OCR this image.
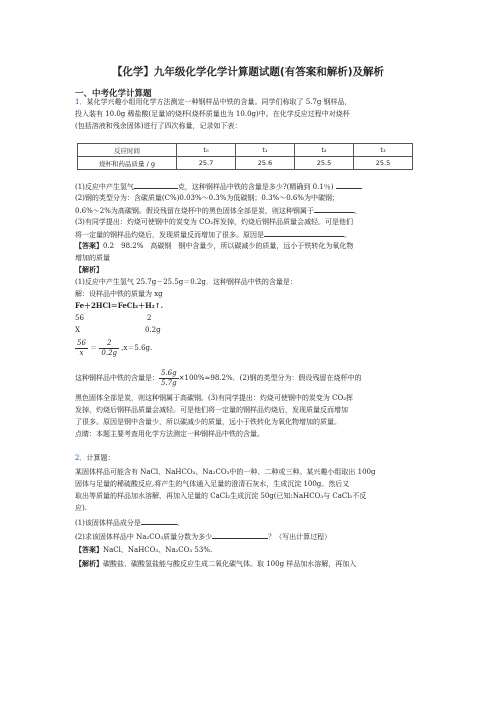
【化学】九年级化学化学计算题试题(有答案和解析)及解析
一、中考化学计算题
1．某化学兴趣小组用化学方法测定一种钢样品中铁的含量。同学们称取了 5.7g 钢样品，
投入装有 10.0g 稀盐酸(足量)的烧杯(烧杯质量也为 10.0g)中。在化学反应过程中对烧杯
(包括溶液和残余固体)进行了四次称量，记录如下表：
反应时间	t₀	t₁	t₂	t₃
烧杯和药品质量 / g	25.7	25.6	25.5	25.5
(1)反应中产生氢气	克，这种钢样品中铁的含量是多少?(精确到 0.1％)
(2)钢的类型分为：含碳质量(C%)0.03%～0.3%为低碳钢；0.3%～0.6%为中碳钢；
0.6%～2%为高碳钢。假设残留在烧杯中的黑色固体全部是炭，则这种钢属于	。
(3)有同学提出：灼烧可使钢中的炭变为 CO₂挥发掉，灼烧后钢样品质量会减轻。可是他们
将一定量的钢样品灼烧后，发现质量反而增加了很多。原因是	。
【答案】0.2　98.2%　高碳钢　钢中含量少，所以碳减少的质量，远小于铁转化为氧化物
增加的质量
【解析】
(1)反应中产生氢气 25.7g－25.5g＝0.2g．这种钢样品中铁的含量是：
解：设样品中铁的质量为 xg
Fe＋2HCl＝FeCl₂＋H₂↑.
56	2
X	0.2g
$\frac{56}{x} = \frac{2}{0.2g} ,x=5.6g$.
这种钢样品中铁的含量是： $\frac{5.6g}{5.7g} \times 100\%\approx 98.2\%$．(2)钢的类型分为：假设残留在烧杯中的
黑色固体全部是炭，则这种钢属于高碳钢。(3)有同学提出：灼烧可使钢中的炭变为 CO₂挥
发掉，灼烧后钢样品质量会减轻。可是他们将一定量的钢样品灼烧后，发现质量反而增加
了很多。原因是钢中含量少，所以碳减少的质量，远小于铁转化为氧化物增加的质量。
点睛：本题主要考查用化学方法测定一种钢样品中铁的含量。
2．计算题：
某固体样品可能含有 NaCl、NaHCO₃、Na₂CO₃中的一种、二种或三种。某兴趣小组取出 100g
固体与足量的稀硫酸反应,将产生的气体通入足量的澄清石灰水，生成沉淀 100g。然后又
取出等质量的样品加水溶解，再加入足量的 CaCl₂生成沉淀 50g(已知:NaHCO₃与 CaCl₂不反
应).
(1)该固体样品成分是	。
(2)求该固体样品中 Na₂CO₃质量分数为多少	？（写出计算过程）
【答案】NaCl、NaHCO₃、Na₂CO₃ 53%.
【解析】碳酸盐、碳酸氢盐能与酸反应生成二氧化碳气体。取 100g 样品加水溶解，再加入
